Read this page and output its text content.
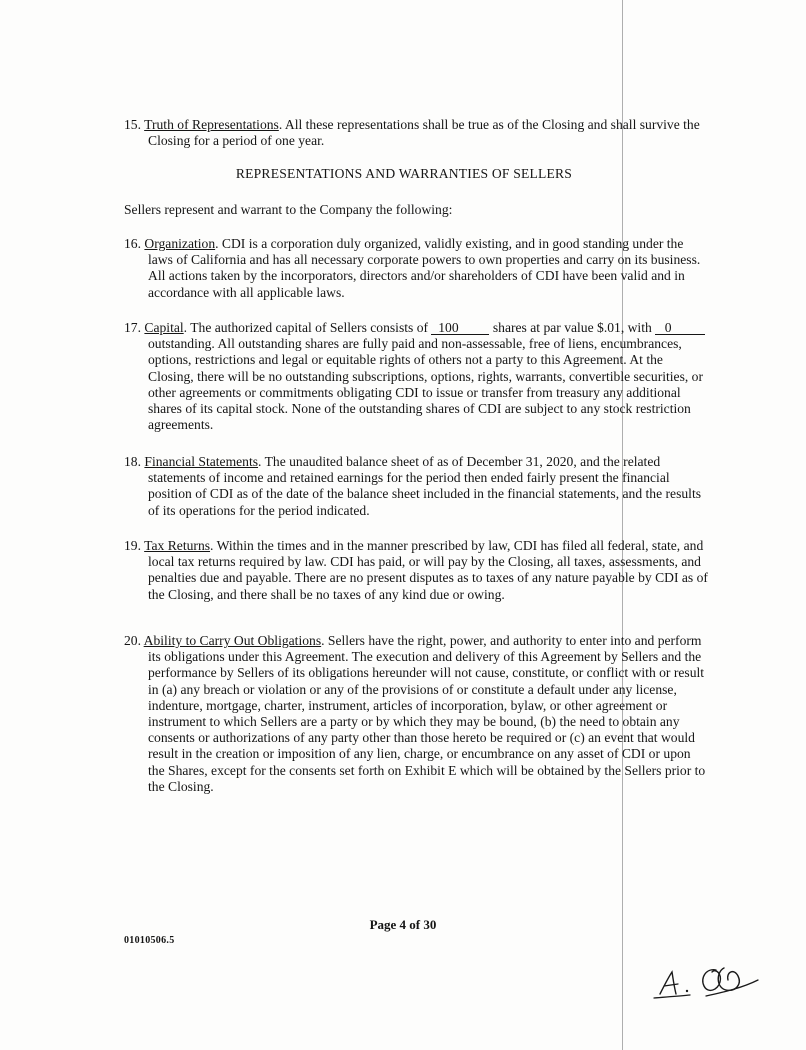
15. Truth of Representations. All these representations shall be true as of the Closing and shall survive the Closing for a period of one year.
REPRESENTATIONS AND WARRANTIES OF SELLERS
Sellers represent and warrant to the Company the following:
16. Organization. CDI is a corporation duly organized, validly existing, and in good standing under the laws of California and has all necessary corporate powers to own properties and carry on its business. All actions taken by the incorporators, directors and/or shareholders of CDI have been valid and in accordance with all applicable laws.
17. Capital. The authorized capital of Sellers consists of 100	shares at par value $.01, with 0 outstanding. All outstanding shares are fully paid and non-assessable, free of liens, encumbrances, options, restrictions and legal or equitable rights of others not a party to this Agreement. At the Closing, there will be no outstanding subscriptions, options, rights, warrants, convertible securities, or other agreements or commitments obligating CDI to issue or transfer from treasury any additional shares of its capital stock. None of the outstanding shares of CDI are subject to any stock restriction agreements.
18. Financial Statements. The unaudited balance sheet of as of December 31, 2020, and the related statements of income and retained earnings for the period then ended fairly present the financial position of CDI as of the date of the balance sheet included in the financial statements, and the results of its operations for the period indicated.
19. Tax Returns. Within the times and in the manner prescribed by law, CDI has filed all federal, state, and local tax returns required by law. CDI has paid, or will pay by the Closing, all taxes, assessments, and penalties due and payable. There are no present disputes as to taxes of any nature payable by CDI as of the Closing, and there shall be no taxes of any kind due or owing.
20. Ability to Carry Out Obligations. Sellers have the right, power, and authority to enter into and perform its obligations under this Agreement. The execution and delivery of this Agreement by Sellers and the performance by Sellers of its obligations hereunder will not cause, constitute, or conflict with or result in (a) any breach or violation or any of the provisions of or constitute a default under any license, indenture, mortgage, charter, instrument, articles of incorporation, bylaw, or other agreement or instrument to which Sellers are a party or by which they may be bound, (b) the need to obtain any consents or authorizations of any party other than those hereto be required or (c) an event that would result in the creation or imposition of any lien, charge, or encumbrance on any asset of CDI or upon the Shares, except for the consents set forth on Exhibit E which will be obtained by the Sellers prior to the Closing.
Page 4 of 30
01010506.5
